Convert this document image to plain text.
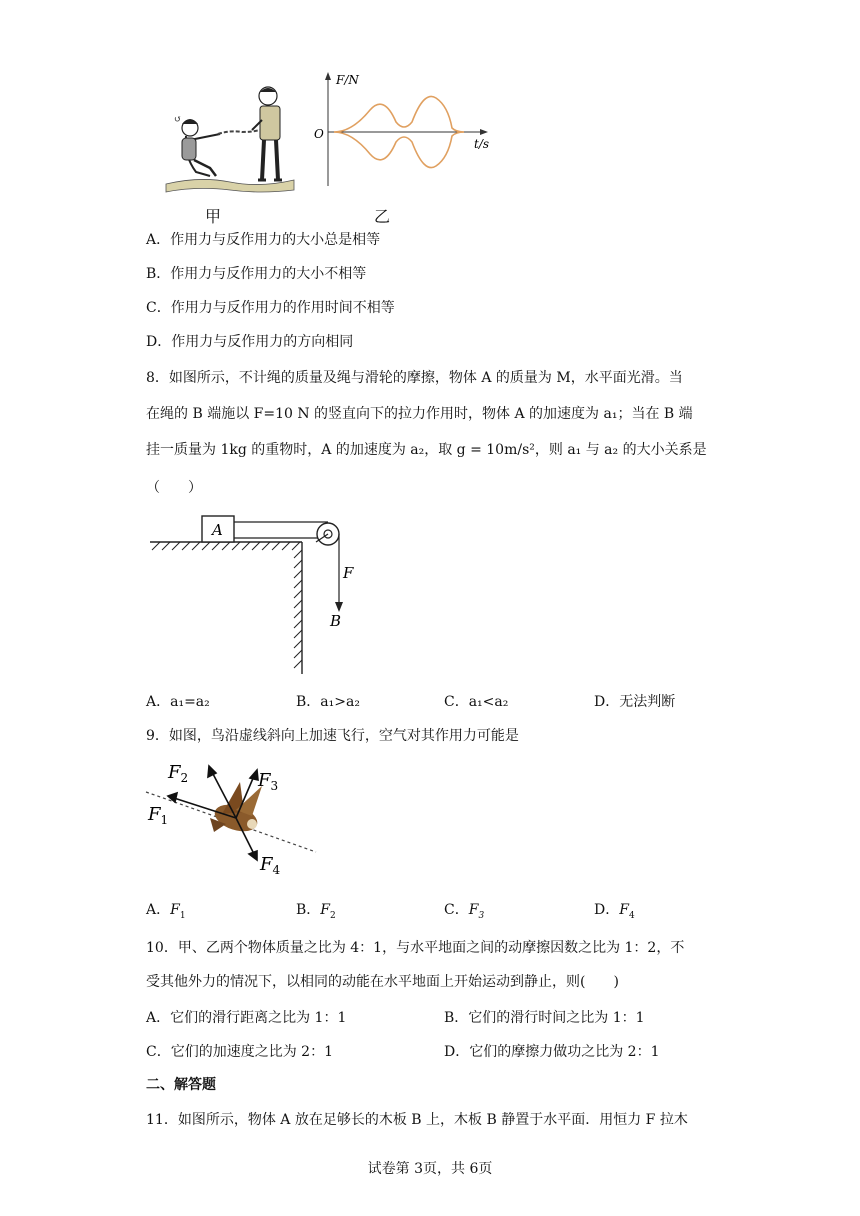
↺
F/N
O
t/s
甲	乙
A．作用力与反作用力的大小总是相等
B．作用力与反作用力的大小不相等
C．作用力与反作用力的作用时间不相等
D．作用力与反作用力的方向相同
8．如图所示，不计绳的质量及绳与滑轮的摩擦，物体 A 的质量为 M，水平面光滑。当
在绳的 B 端施以 F=10 N 的竖直向下的拉力作用时，物体 A 的加速度为 a₁；当在 B 端
挂一质量为 1kg 的重物时，A 的加速度为 a₂，取 g = 10m/s²，则 a₁ 与 a₂ 的大小关系是
（　　）
A
F
B
A．a₁=a₂	B．a₁>a₂	C．a₁<a₂	D．无法判断
9．如图，鸟沿虚线斜向上加速飞行，空气对其作用力可能是
$F_2$	$F_3$
$F_1$
$F_4$
A．$F_1$	B．$F_2$	C．$F_3$	D．$F_4$
10．甲、乙两个物体质量之比为 4：1，与水平地面之间的动摩擦因数之比为 1：2，不
受其他外力的情况下，以相同的动能在水平地面上开始运动到静止，则(　　)
A．它们的滑行距离之比为 1：1	B．它们的滑行时间之比为 1：1
C．它们的加速度之比为 2：1	D．它们的摩擦力做功之比为 2：1
二、解答题
11．如图所示，物体 A 放在足够长的木板 B 上，木板 B 静置于水平面．用恒力 F 拉木
试卷第 3页，共 6页
